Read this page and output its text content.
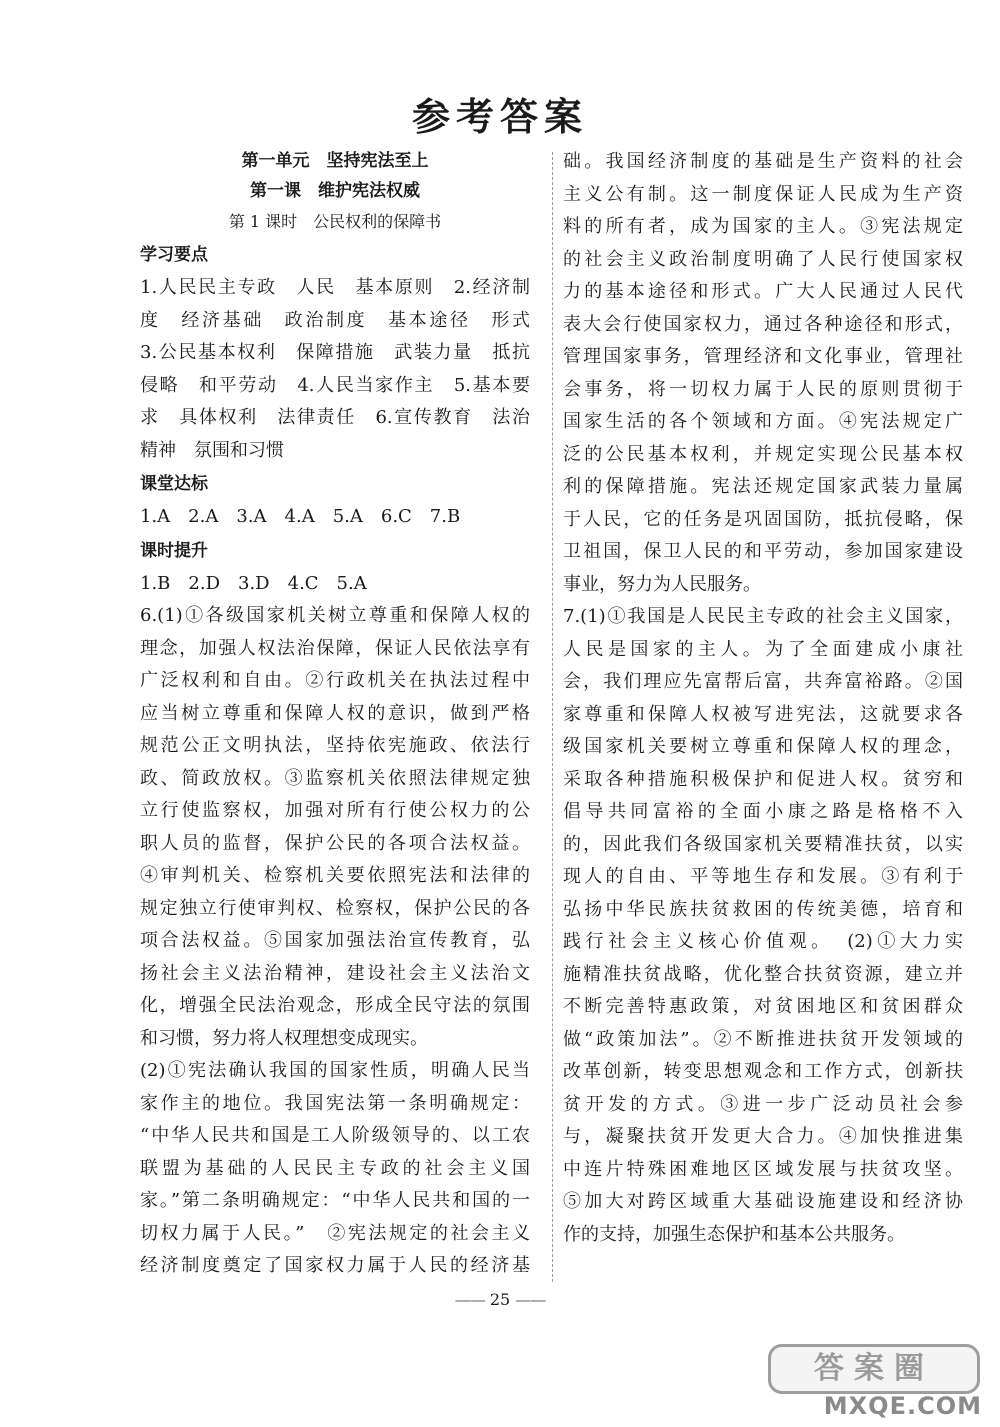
参考答案
第一单元　坚持宪法至上
第一课　维护宪法权威
第 1 课时　公民权利的保障书
学习要点
1.人民民主专政　人民　基本原则　2.经济制
度　经济基础　政治制度　基本途径　形式
3.公民基本权利　保障措施　武装力量　抵抗
侵略　和平劳动　4.人民当家作主　5.基本要
求　具体权利　法律责任　6.宣传教育　法治
精神　氛围和习惯
课堂达标
1.A　2.A　3.A　4.A　5.A　6.C　7.B
课时提升
1.B　2.D　3.D　4.C　5.A
6.(1)①各级国家机关树立尊重和保障人权的
理念，加强人权法治保障，保证人民依法享有
广泛权利和自由。②行政机关在执法过程中
应当树立尊重和保障人权的意识，做到严格
规范公正文明执法，坚持依宪施政、依法行
政、简政放权。③监察机关依照法律规定独
立行使监察权，加强对所有行使公权力的公
职人员的监督，保护公民的各项合法权益。
④审判机关、检察机关要依照宪法和法律的
规定独立行使审判权、检察权，保护公民的各
项合法权益。⑤国家加强法治宣传教育，弘
扬社会主义法治精神，建设社会主义法治文
化，增强全民法治观念，形成全民守法的氛围
和习惯，努力将人权理想变成现实。
(2)①宪法确认我国的国家性质，明确人民当
家作主的地位。我国宪法第一条明确规定：
“中华人民共和国是工人阶级领导的、以工农
联盟为基础的人民民主专政的社会主义国
家。”第二条明确规定：“中华人民共和国的一
切权力属于人民。”　②宪法规定的社会主义
经济制度奠定了国家权力属于人民的经济基
础。我国经济制度的基础是生产资料的社会
主义公有制。这一制度保证人民成为生产资
料的所有者，成为国家的主人。③宪法规定
的社会主义政治制度明确了人民行使国家权
力的基本途径和形式。广大人民通过人民代
表大会行使国家权力，通过各种途径和形式，
管理国家事务，管理经济和文化事业，管理社
会事务，将一切权力属于人民的原则贯彻于
国家生活的各个领域和方面。④宪法规定广
泛的公民基本权利，并规定实现公民基本权
利的保障措施。宪法还规定国家武装力量属
于人民，它的任务是巩固国防，抵抗侵略，保
卫祖国，保卫人民的和平劳动，参加国家建设
事业，努力为人民服务。
7.(1)①我国是人民民主专政的社会主义国家，
人民是国家的主人。为了全面建成小康社
会，我们理应先富帮后富，共奔富裕路。②国
家尊重和保障人权被写进宪法，这就要求各
级国家机关要树立尊重和保障人权的理念，
采取各种措施积极保护和促进人权。贫穷和
倡导共同富裕的全面小康之路是格格不入
的，因此我们各级国家机关要精准扶贫，以实
现人的自由、平等地生存和发展。③有利于
弘扬中华民族扶贫救困的传统美德，培育和
践行社会主义核心价值观。　(2)①大力实
施精准扶贫战略，优化整合扶贫资源，建立并
不断完善特惠政策，对贫困地区和贫困群众
做“政策加法”。②不断推进扶贫开发领域的
改革创新，转变思想观念和工作方式，创新扶
贫开发的方式。③进一步广泛动员社会参
与，凝聚扶贫开发更大合力。④加快推进集
中连片特殊困难地区区域发展与扶贫攻坚。
⑤加大对跨区域重大基础设施建设和经济协
作的支持，加强生态保护和基本公共服务。
—— 25 ——
答案圈
MXQE.COM
